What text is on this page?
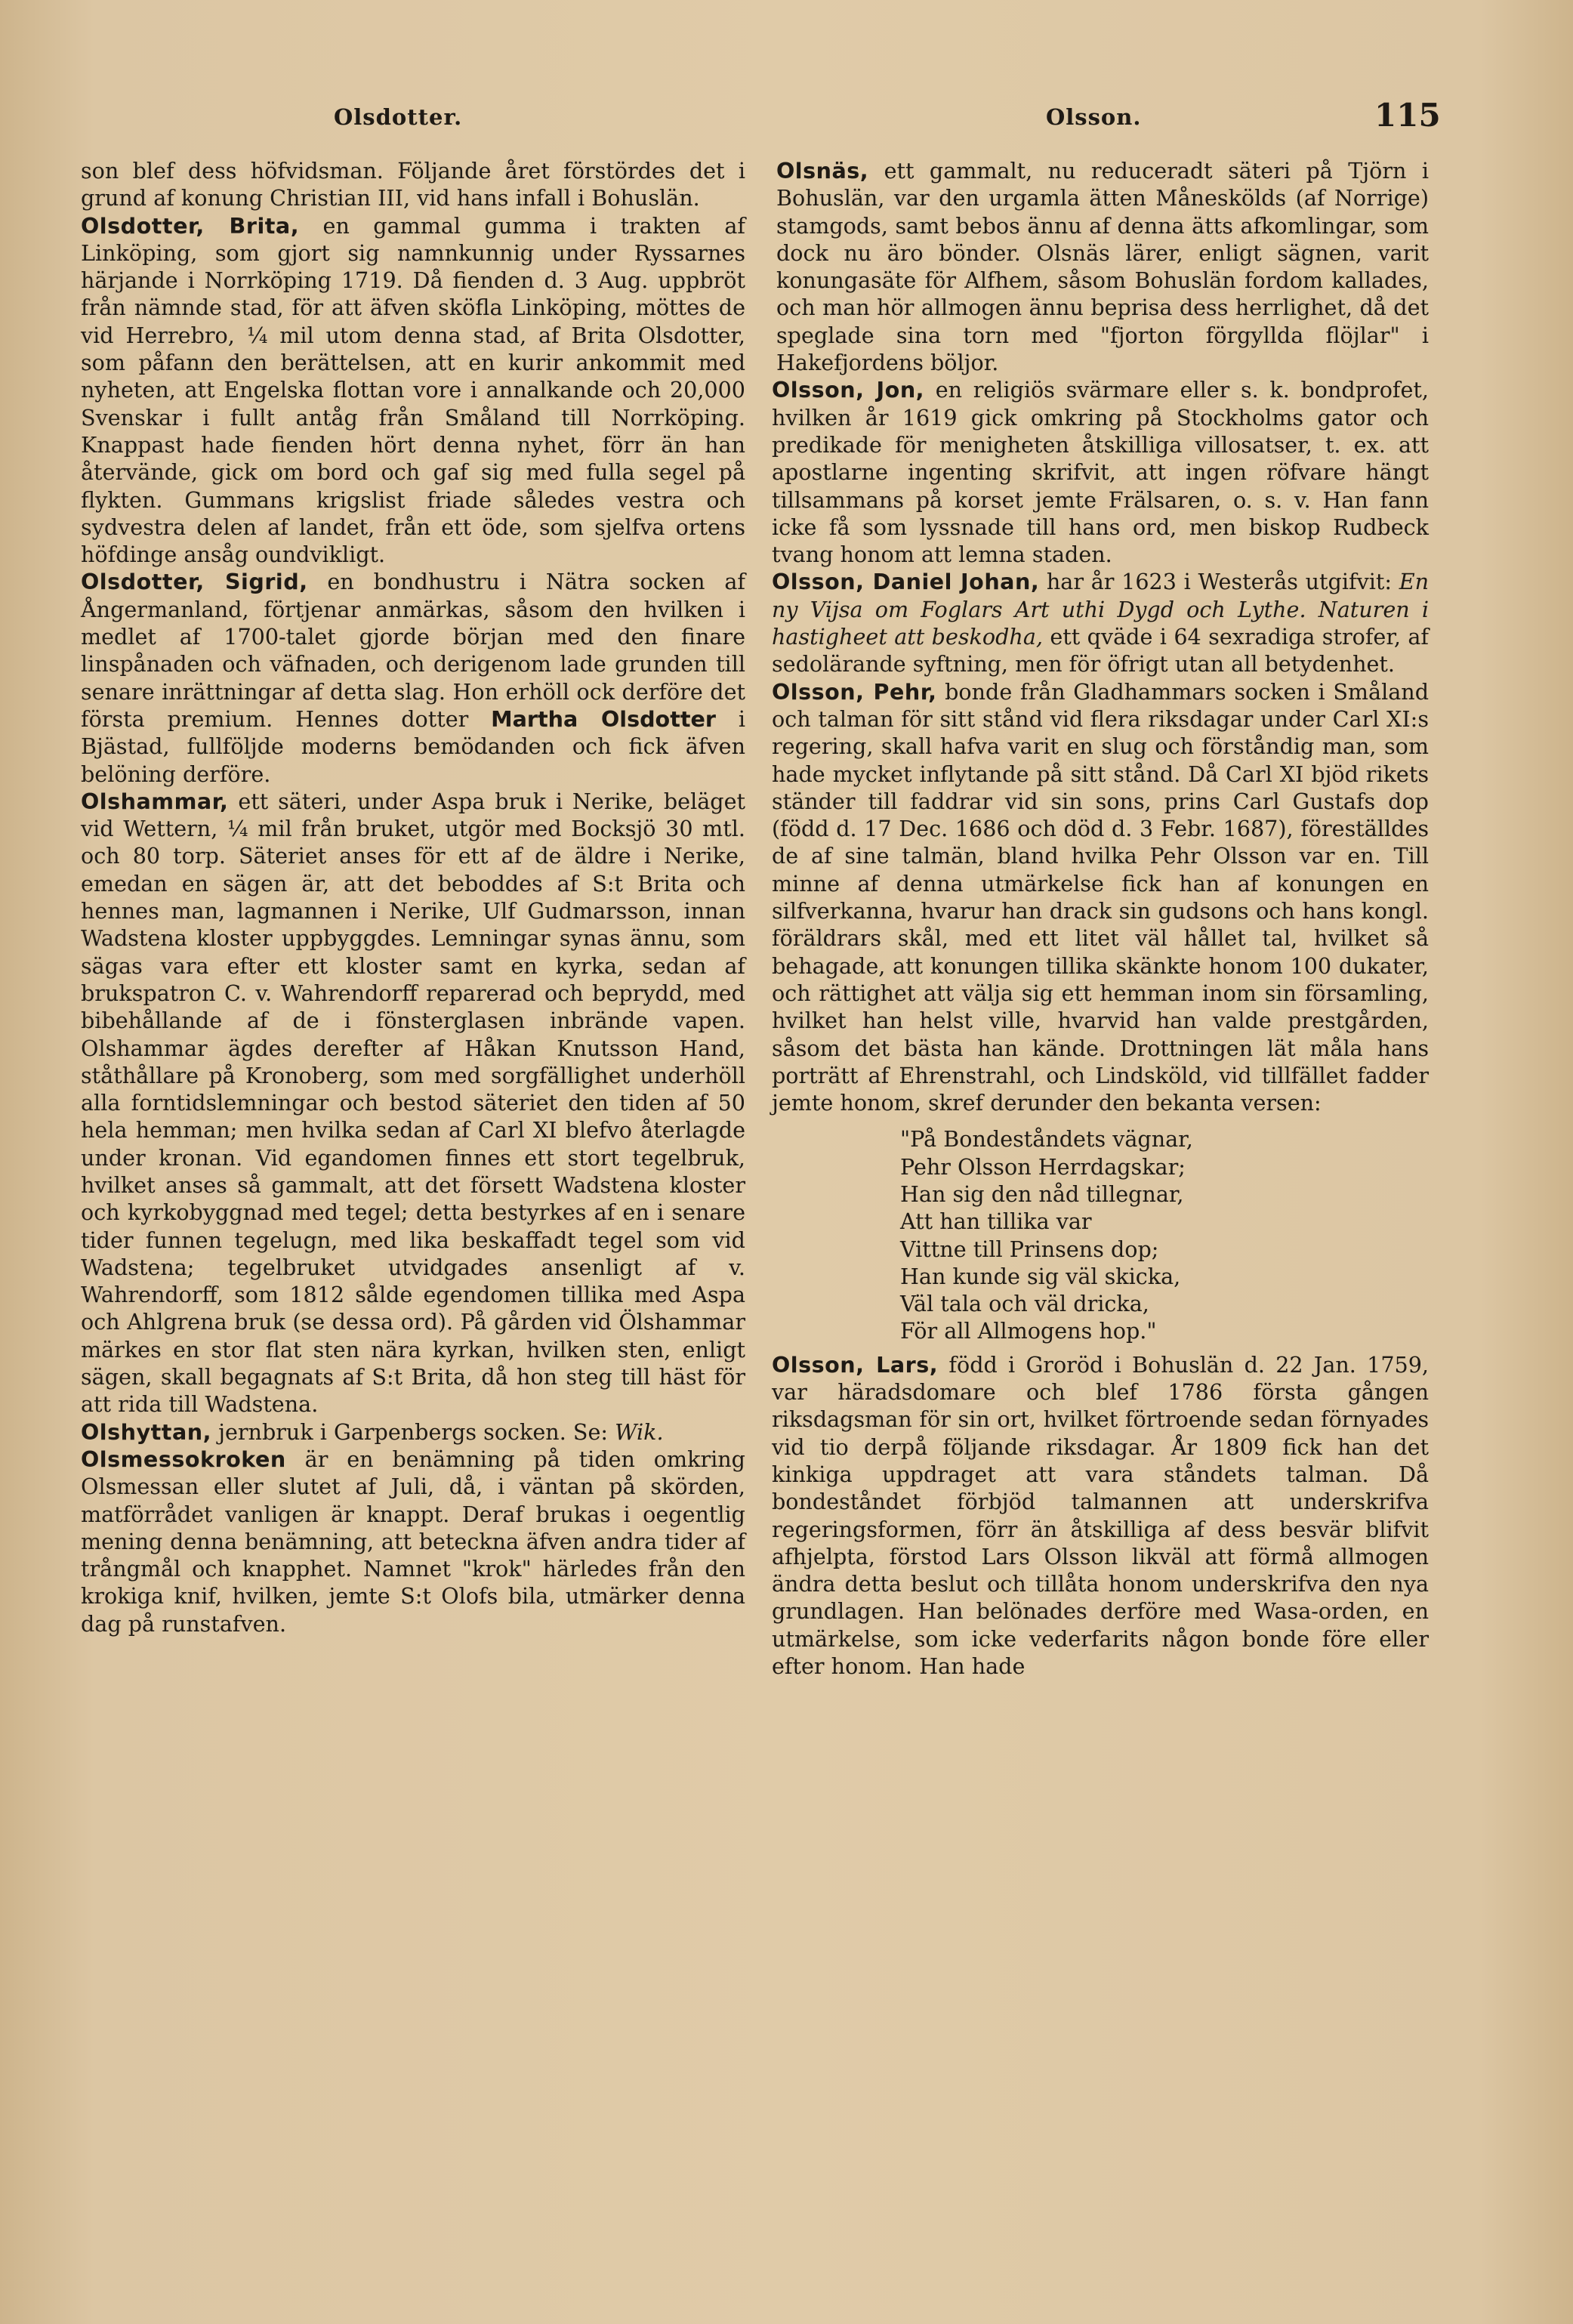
Olsdotter.	Olsson.	115

son blef dess höfvidsman. Följande året förstördes det i grund af konung Christian III, vid hans infall i Bohuslän.

Olsdotter, Brita, en gammal gumma i trakten af Linköping, som gjort sig namnkunnig under Ryssarnes härjande i Norrköping 1719. Då fienden d. 3 Aug. uppbröt från nämnde stad, för att äfven sköfla Linköping, möttes de vid Herrebro, ¼ mil utom denna stad, af Brita Olsdotter, som påfann den berättelsen, att en kurir ankommit med nyheten, att Engelska flottan vore i annalkande och 20,000 Svenskar i fullt antåg från Småland till Norrköping. Knappast hade fienden hört denna nyhet, förr än han återvände, gick om bord och gaf sig med fulla segel på flykten. Gummans krigslist friade således vestra och sydvestra delen af landet, från ett öde, som sjelfva ortens höfdinge ansåg oundvikligt.

Olsdotter, Sigrid, en bondhustru i Nätra socken af Ångermanland, förtjenar anmärkas, såsom den hvilken i medlet af 1700-talet gjorde början med den finare linspånaden och väfnaden, och derigenom lade grunden till senare inrättningar af detta slag. Hon erhöll ock derföre det första premium. Hennes dotter Martha Olsdotter i Bjästad, fullföljde moderns bemödanden och fick äfven belöning derföre.

Olshammar, ett säteri, under Aspa bruk i Nerike, beläget vid Wettern, ¼ mil från bruket, utgör med Bocksjö 30 mtl. och 80 torp. Säteriet anses för ett af de äldre i Nerike, emedan en sägen är, att det beboddes af S:t Brita och hennes man, lagmannen i Nerike, Ulf Gudmarsson, innan Wadstena kloster uppbyggdes. Lemningar synas ännu, som sägas vara efter ett kloster samt en kyrka, sedan af brukspatron C. v. Wahrendorff reparerad och beprydd, med bibehållande af de i fönsterglasen inbrände vapen. Olshammar ägdes derefter af Håkan Knutsson Hand, ståthållare på Kronoberg, som med sorgfällighet underhöll alla forntidslemningar och bestod säteriet den tiden af 50 hela hemman; men hvilka sedan af Carl XI blefvo återlagde under kronan. Vid egandomen finnes ett stort tegelbruk, hvilket anses så gammalt, att det försett Wadstena kloster och kyrkobyggnad med tegel; detta bestyrkes af en i senare tider funnen tegelugn, med lika beskaffadt tegel som vid Wadstena; tegelbruket utvidgades ansenligt af v. Wahrendorff, som 1812 sålde egendomen tillika med Aspa och Ahlgrena bruk (se dessa ord). På gården vid Ölshammar märkes en stor flat sten nära kyrkan, hvilken sten, enligt sägen, skall begagnats af S:t Brita, då hon steg till häst för att rida till Wadstena.

Olshyttan, jernbruk i Garpenbergs socken. Se: Wik.

Olsmessokroken är en benämning på tiden omkring Olsmessan eller slutet af Juli, då, i väntan på skörden, matförrådet vanligen är knappt. Deraf brukas i oegentlig mening denna benämning, att beteckna äfven andra tider af trångmål och knapphet. Namnet "krok" härledes från den krokiga knif, hvilken, jemte S:t Olofs bila, utmärker denna dag på runstafven.

Olsnäs, ett gammalt, nu reduceradt säteri på Tjörn i Bohuslän, var den urgamla ätten Måneskölds (af Norrige) stamgods, samt bebos ännu af denna ätts afkomlingar, som dock nu äro bönder. Olsnäs lärer, enligt sägnen, varit konungasäte för Alfhem, såsom Bohuslän fordom kallades, och man hör allmogen ännu beprisa dess herrlighet, då det speglade sina torn med "fjorton förgyllda flöjlar" i Hakefjordens böljor.

Olsson, Jon, en religiös svärmare eller s. k. bondprofet, hvilken år 1619 gick omkring på Stockholms gator och predikade för menigheten åtskilliga villosatser, t. ex. att apostlarne ingenting skrifvit, att ingen röfvare hängt tillsammans på korset jemte Frälsaren, o. s. v. Han fann icke få som lyssnade till hans ord, men biskop Rudbeck tvang honom att lemna staden.

Olsson, Daniel Johan, har år 1623 i Westerås utgifvit: En ny Vijsa om Foglars Art uthi Dygd och Lythe. Naturen i hastigheet att beskodha, ett qväde i 64 sexradiga strofer, af sedolärande syftning, men för öfrigt utan all betydenhet.

Olsson, Pehr, bonde från Gladhammars socken i Småland och talman för sitt stånd vid flera riksdagar under Carl XI:s regering, skall hafva varit en slug och förståndig man, som hade mycket inflytande på sitt stånd. Då Carl XI bjöd rikets ständer till faddrar vid sin sons, prins Carl Gustafs dop (född d. 17 Dec. 1686 och död d. 3 Febr. 1687), föreställdes de af sine talmän, bland hvilka Pehr Olsson var en. Till minne af denna utmärkelse fick han af konungen en silfverkanna, hvarur han drack sin gudsons och hans kongl. föräldrars skål, med ett litet väl hållet tal, hvilket så behagade, att konungen tillika skänkte honom 100 dukater, och rättighet att välja sig ett hemman inom sin församling, hvilket han helst ville, hvarvid han valde prestgården, såsom det bästa han kände. Drottningen lät måla hans porträtt af Ehrenstrahl, och Lindsköld, vid tillfället fadder jemte honom, skref derunder den bekanta versen:

"På Bondeståndets vägnar,
Pehr Olsson Herrdagskar;
Han sig den nåd tillegnar,
Att han tillika var
Vittne till Prinsens dop;
Han kunde sig väl skicka,
Väl tala och väl dricka,
För all Allmogens hop."

Olsson, Lars, född i Groröd i Bohuslän d. 22 Jan. 1759, var häradsdomare och blef 1786 första gången riksdagsman för sin ort, hvilket förtroende sedan förnyades vid tio derpå följande riksdagar. År 1809 fick han det kinkiga uppdraget att vara ståndets talman. Då bondeståndet förbjöd talmannen att underskrifva regeringsformen, förr än åtskilliga af dess besvär blifvit afhjelpta, förstod Lars Olsson likväl att förmå allmogen ändra detta beslut och tillåta honom underskrifva den nya grundlagen. Han belönades derföre med Wasa-orden, en utmärkelse, som icke vederfarits någon bonde före eller efter honom. Han hade
